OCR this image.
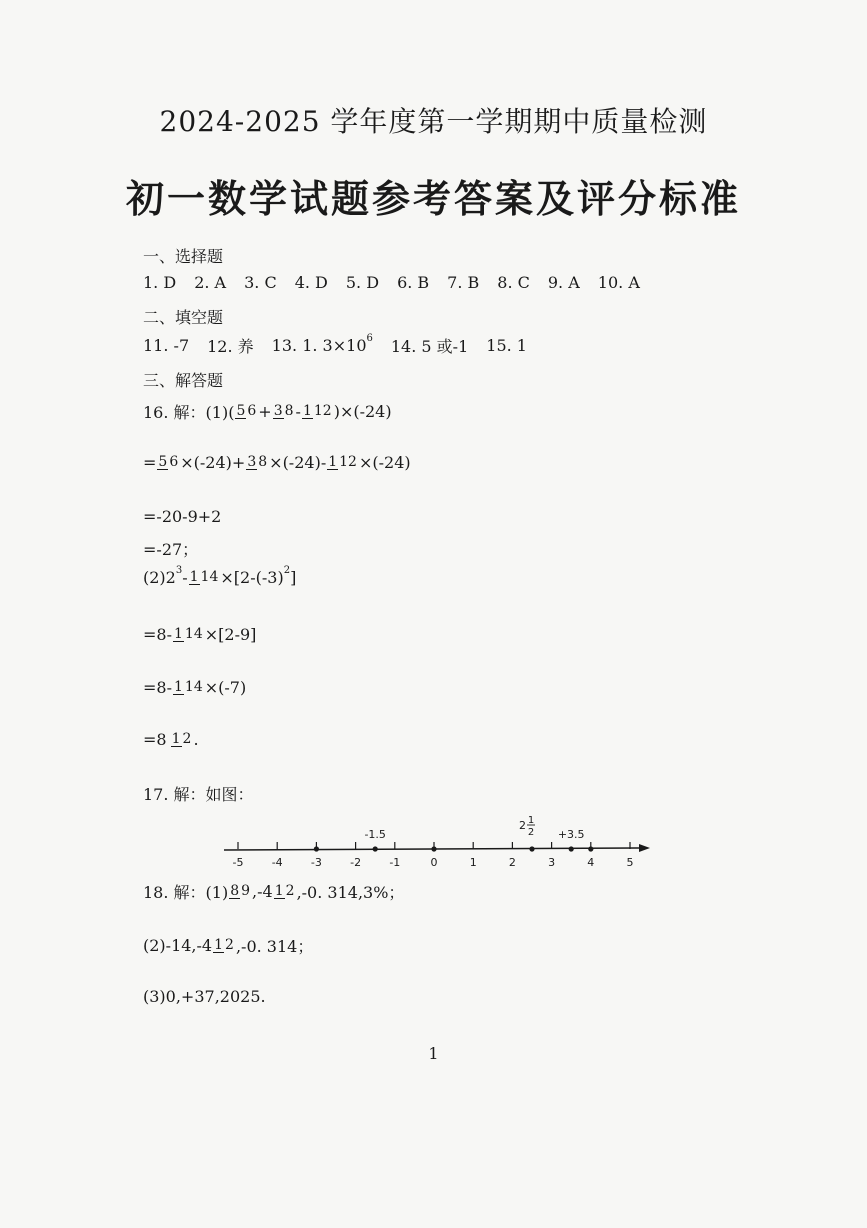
2024-2025 学年度第一学期期中质量检测
初一数学试题参考答案及评分标准
一、选择题
1. D 2. A 3. C 4. D 5. D 6. B 7. B 8. C 9. A 10. A
二、填空题
11. -7 12. 养 13. 1. 3×10 6 14. 5 或-1 15. 1
三、解答题
16. 解：(1)( 5 6 + 3 8 - 1 12 )×(-24)
= 5 6 ×(-24)+ 3 8 ×(-24)- 1 12 ×(-24)
=-20-9+2
=-27；
(2)2 3 - 1 14 ×[2-(-3) 2 ]
=8- 1 14 ×[2-9]
=8- 1 14 ×(-7)
=8 1 2 .
17. 解：如图：
-5	-4	-3	-2	-1	0	1	2	3	4	5
-1.5
2 1
2 +3.5
18. 解：(1) 8 9 ,-4 1 2 ,-0. 314,3%；
(2)-14,-4 1 2 ,-0. 314；
(3)0,+37,2025.
1
